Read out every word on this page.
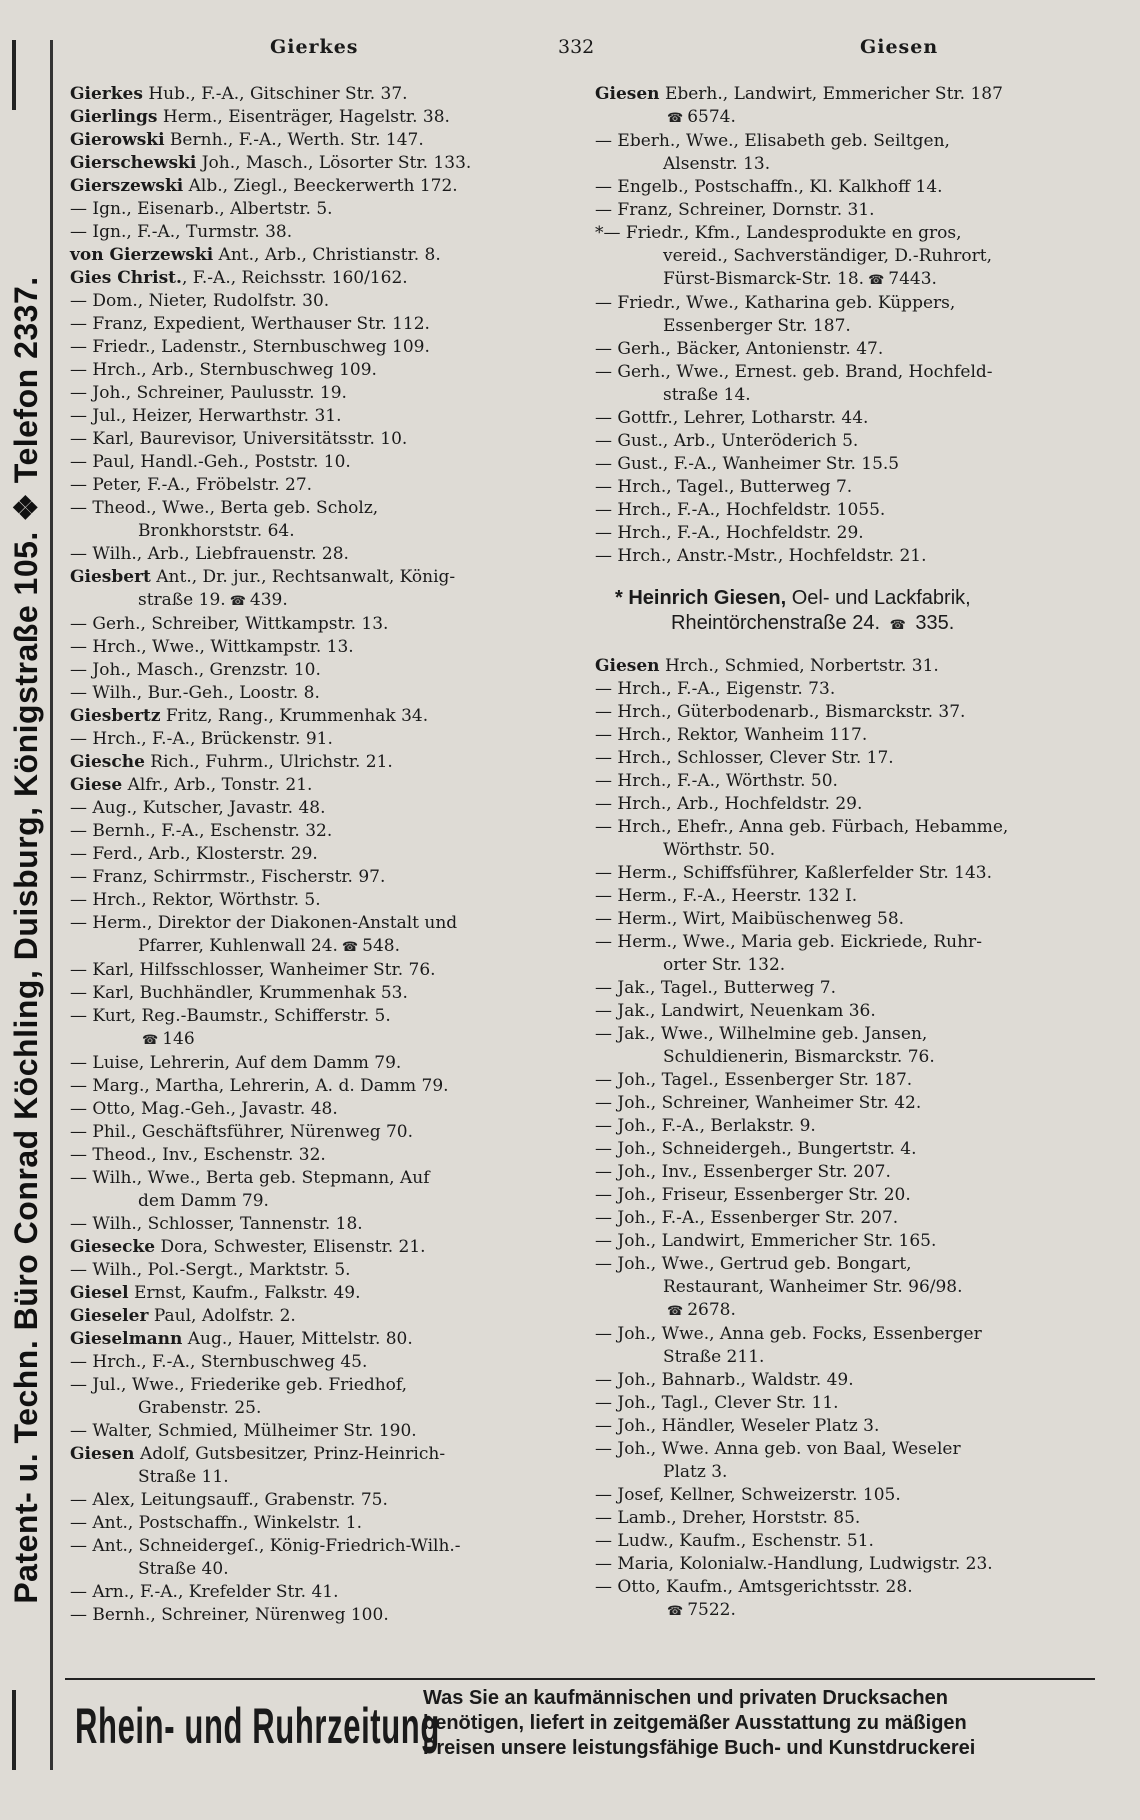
Patent- u. Techn. Büro Conrad Köchling, Duisburg, Königstraße 105. ❖ Telefon 2337.
Gierkes	332	Giesen
Gierkes Hub., F.-A., Gitschiner Str. 37.
Gierlings Herm., Eisenträger, Hagelstr. 38.
Gierowski Bernh., F.-A., Werth. Str. 147.
Gierschewski Joh., Masch., Lösorter Str. 133.
Gierszewski Alb., Ziegl., Beeckerwerth 172.
— Ign., Eisenarb., Albertstr. 5.
— Ign., F.-A., Turmstr. 38.
von Gierzewski Ant., Arb., Christianstr. 8.
Gies Christ., F.-A., Reichsstr. 160/162.
— Dom., Nieter, Rudolfstr. 30.
— Franz, Expedient, Werthauser Str. 112.
— Friedr., Ladenstr., Sternbuschweg 109.
— Hrch., Arb., Sternbuschweg 109.
— Joh., Schreiner, Paulusstr. 19.
— Jul., Heizer, Herwarthstr. 31.
— Karl, Baurevisor, Universitätsstr. 10.
— Paul, Handl.-Geh., Poststr. 10.
— Peter, F.-A., Fröbelstr. 27.
— Theod., Wwe., Berta geb. Scholz,
Bronkhorststr. 64.
— Wilh., Arb., Liebfrauenstr. 28.
Giesbert Ant., Dr. jur., Rechtsanwalt, König-
straße 19. ☎ 439.
— Gerh., Schreiber, Wittkampstr. 13.
— Hrch., Wwe., Wittkampstr. 13.
— Joh., Masch., Grenzstr. 10.
— Wilh., Bur.-Geh., Loostr. 8.
Giesbertz Fritz, Rang., Krummenhak 34.
— Hrch., F.-A., Brückenstr. 91.
Giesche Rich., Fuhrm., Ulrichstr. 21.
Giese Alfr., Arb., Tonstr. 21.
— Aug., Kutscher, Javastr. 48.
— Bernh., F.-A., Eschenstr. 32.
— Ferd., Arb., Klosterstr. 29.
— Franz, Schirrmstr., Fischerstr. 97.
— Hrch., Rektor, Wörthstr. 5.
— Herm., Direktor der Diakonen-Anstalt und
Pfarrer, Kuhlenwall 24. ☎ 548.
— Karl, Hilfsschlosser, Wanheimer Str. 76.
— Karl, Buchhändler, Krummenhak 53.
— Kurt, Reg.-Baumstr., Schifferstr. 5.
☎ 146
— Luise, Lehrerin, Auf dem Damm 79.
— Marg., Martha, Lehrerin, A. d. Damm 79.
— Otto, Mag.-Geh., Javastr. 48.
— Phil., Geschäftsführer, Nürenweg 70.
— Theod., Inv., Eschenstr. 32.
— Wilh., Wwe., Berta geb. Stepmann, Auf
dem Damm 79.
— Wilh., Schlosser, Tannenstr. 18.
Giesecke Dora, Schwester, Elisenstr. 21.
— Wilh., Pol.-Sergt., Marktstr. 5.
Giesel Ernst, Kaufm., Falkstr. 49.
Gieseler Paul, Adolfstr. 2.
Gieselmann Aug., Hauer, Mittelstr. 80.
— Hrch., F.-A., Sternbuschweg 45.
— Jul., Wwe., Friederike geb. Friedhof,
Grabenstr. 25.
— Walter, Schmied, Mülheimer Str. 190.
Giesen Adolf, Gutsbesitzer, Prinz-Heinrich-
Straße 11.
— Alex, Leitungsauff., Grabenstr. 75.
— Ant., Postschaffn., Winkelstr. 1.
— Ant., Schneidergeſ., König-Friedrich-Wilh.-
Straße 40.
— Arn., F.-A., Krefelder Str. 41.
— Bernh., Schreiner, Nürenweg 100.
Giesen Eberh., Landwirt, Emmericher Str. 187
☎ 6574.
— Eberh., Wwe., Elisabeth geb. Seiltgen,
Alsenstr. 13.
— Engelb., Postschaffn., Kl. Kalkhoff 14.
— Franz, Schreiner, Dornstr. 31.
*— Friedr., Kfm., Landesprodukte en gros,
vereid., Sachverständiger, D.-Ruhrort,
Fürst-Bismarck-Str. 18. ☎ 7443.
— Friedr., Wwe., Katharina geb. Küppers,
Essenberger Str. 187.
— Gerh., Bäcker, Antonienstr. 47.
— Gerh., Wwe., Ernest. geb. Brand, Hochfeld-
straße 14.
— Gottfr., Lehrer, Lotharstr. 44.
— Gust., Arb., Unteröderich 5.
— Gust., F.-A., Wanheimer Str. 15.5
— Hrch., Tagel., Butterweg 7.
— Hrch., F.-A., Hochfeldstr. 1055.
— Hrch., F.-A., Hochfeldstr. 29.
— Hrch., Anstr.-Mstr., Hochfeldstr. 21.
* Heinrich Giesen, Oel- und Lackfabrik,
Rheintörchenstraße 24. ☎ 335.
Giesen Hrch., Schmied, Norbertstr. 31.
— Hrch., F.-A., Eigenstr. 73.
— Hrch., Güterbodenarb., Bismarckstr. 37.
— Hrch., Rektor, Wanheim 117.
— Hrch., Schlosser, Clever Str. 17.
— Hrch., F.-A., Wörthstr. 50.
— Hrch., Arb., Hochfeldstr. 29.
— Hrch., Ehefr., Anna geb. Fürbach, Hebamme,
Wörthstr. 50.
— Herm., Schiffsführer, Kaßlerfelder Str. 143.
— Herm., F.-A., Heerstr. 132 I.
— Herm., Wirt, Maibüschenweg 58.
— Herm., Wwe., Maria geb. Eickriede, Ruhr-
orter Str. 132.
— Jak., Tagel., Butterweg 7.
— Jak., Landwirt, Neuenkam 36.
— Jak., Wwe., Wilhelmine geb. Jansen,
Schuldienerin, Bismarckstr. 76.
— Joh., Tagel., Essenberger Str. 187.
— Joh., Schreiner, Wanheimer Str. 42.
— Joh., F.-A., Berlakstr. 9.
— Joh., Schneidergeh., Bungertstr. 4.
— Joh., Inv., Essenberger Str. 207.
— Joh., Friseur, Essenberger Str. 20.
— Joh., F.-A., Essenberger Str. 207.
— Joh., Landwirt, Emmericher Str. 165.
— Joh., Wwe., Gertrud geb. Bongart,
Restaurant, Wanheimer Str. 96/98.
☎ 2678.
— Joh., Wwe., Anna geb. Focks, Essenberger
Straße 211.
— Joh., Bahnarb., Waldstr. 49.
— Joh., Tagl., Clever Str. 11.
— Joh., Händler, Weseler Platz 3.
— Joh., Wwe. Anna geb. von Baal, Weseler
Platz 3.
— Josef, Kellner, Schweizerstr. 105.
— Lamb., Dreher, Horststr. 85.
— Ludw., Kaufm., Eschenstr. 51.
— Maria, Kolonialw.-Handlung, Ludwigstr. 23.
— Otto, Kaufm., Amtsgerichtsstr. 28.
☎ 7522.
Rhein- und Ruhrzeitung
Was Sie an kaufmännischen und privaten Drucksachen
benötigen, liefert in zeitgemäßer Ausstattung zu mäßigen
Preisen unsere leistungsfähige Buch- und Kunstdruckerei
